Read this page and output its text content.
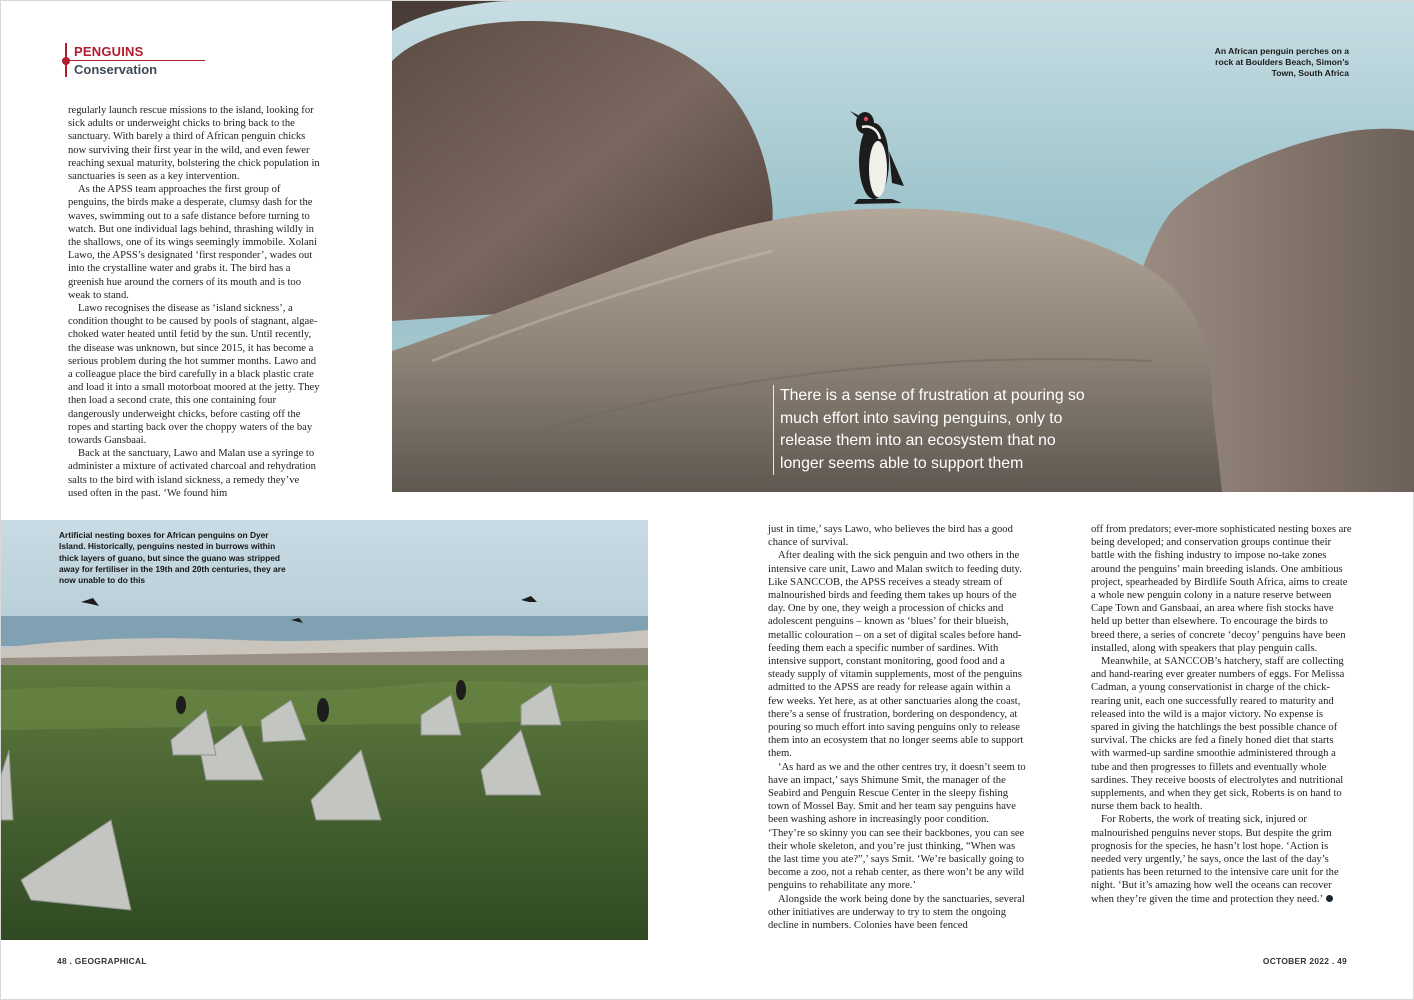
PENGUINS
Conservation

regularly launch rescue missions to the island, looking for sick adults or underweight chicks to bring back to the sanctuary. With barely a third of African penguin chicks now surviving their first year in the wild, and even fewer reaching sexual maturity, bolstering the chick population in sanctuaries is seen as a key intervention.

As the APSS team approaches the first group of penguins, the birds make a desperate, clumsy dash for the waves, swimming out to a safe distance before turning to watch. But one individual lags behind, thrashing wildly in the shallows, one of its wings seemingly immobile. Xolani Lawo, the APSS’s designated ‘first responder’, wades out into the crystalline water and grabs it. The bird has a greenish hue around the corners of its mouth and is too weak to stand.

Lawo recognises the disease as ‘island sickness’, a condition thought to be caused by pools of stagnant, algae-choked water heated until fetid by the sun. Until recently, the disease was unknown, but since 2015, it has become a serious problem during the hot summer months. Lawo and a colleague place the bird carefully in a black plastic crate and load it into a small motorboat moored at the jetty. They then load a second crate, this one containing four dangerously underweight chicks, before casting off the ropes and starting back over the choppy waters of the bay towards Gansbaai.

Back at the sanctuary, Lawo and Malan use a syringe to administer a mixture of activated charcoal and rehydration salts to the bird with island sickness, a remedy they’ve used often in the past. ‘We found him

An African penguin perches on a rock at Boulders Beach, Simon’s Town, South Africa
There is a sense of frustration at pouring so much effort into saving penguins, only to release them into an ecosystem that no longer seems able to support them
Artificial nesting boxes for African penguins on Dyer Island. Historically, penguins nested in burrows within thick layers of guano, but since the guano was stripped away for fertiliser in the 19th and 20th centuries, they are now unable to do this

just in time,’ says Lawo, who believes the bird has a good chance of survival.

After dealing with the sick penguin and two others in the intensive care unit, Lawo and Malan switch to feeding duty. Like SANCCOB, the APSS receives a steady stream of malnourished birds and feeding them takes up hours of the day. One by one, they weigh a procession of chicks and adolescent penguins – known as ‘blues’ for their blueish, metallic colouration – on a set of digital scales before hand-feeding them each a specific number of sardines. With intensive support, constant monitoring, good food and a steady supply of vitamin supplements, most of the penguins admitted to the APSS are ready for release again within a few weeks. Yet here, as at other sanctuaries along the coast, there’s a sense of frustration, bordering on despondency, at pouring so much effort into saving penguins only to release them into an ecosystem that no longer seems able to support them.

‘As hard as we and the other centres try, it doesn’t seem to have an impact,’ says Shimune Smit, the manager of the Seabird and Penguin Rescue Center in the sleepy fishing town of Mossel Bay. Smit and her team say penguins have been washing ashore in increasingly poor condition. ‘They’re so skinny you can see their backbones, you can see their whole skeleton, and you’re just thinking, “When was the last time you ate?”,’ says Smit. ‘We’re basically going to become a zoo, not a rehab center, as there won’t be any wild penguins to rehabilitate any more.’

Alongside the work being done by the sanctuaries, several other initiatives are underway to try to stem the ongoing decline in numbers. Colonies have been fenced

off from predators; ever-more sophisticated nesting boxes are being developed; and conservation groups continue their battle with the fishing industry to impose no-take zones around the penguins’ main breeding islands. One ambitious project, spearheaded by Birdlife South Africa, aims to create a whole new penguin colony in a nature reserve between Cape Town and Gansbaai, an area where fish stocks have held up better than elsewhere. To encourage the birds to breed there, a series of concrete ‘decoy’ penguins have been installed, along with speakers that play penguin calls.

Meanwhile, at SANCCOB’s hatchery, staff are collecting and hand-rearing ever greater numbers of eggs. For Melissa Cadman, a young conservationist in charge of the chick-rearing unit, each one successfully reared to maturity and released into the wild is a major victory. No expense is spared in giving the hatchlings the best possible chance of survival. The chicks are fed a finely honed diet that starts with warmed-up sardine smoothie administered through a tube and then progresses to fillets and eventually whole sardines. They receive boosts of electrolytes and nutritional supplements, and when they get sick, Roberts is on hand to nurse them back to health.

For Roberts, the work of treating sick, injured or malnourished penguins never stops. But despite the grim prognosis for the species, he hasn’t lost hope. ‘Action is needed very urgently,’ he says, once the last of the day’s patients has been returned to the intensive care unit for the night. ‘But it’s amazing how well the oceans can recover when they’re given the time and protection they need.’

48 . GEOGRAPHICAL	OCTOBER 2022 . 49
